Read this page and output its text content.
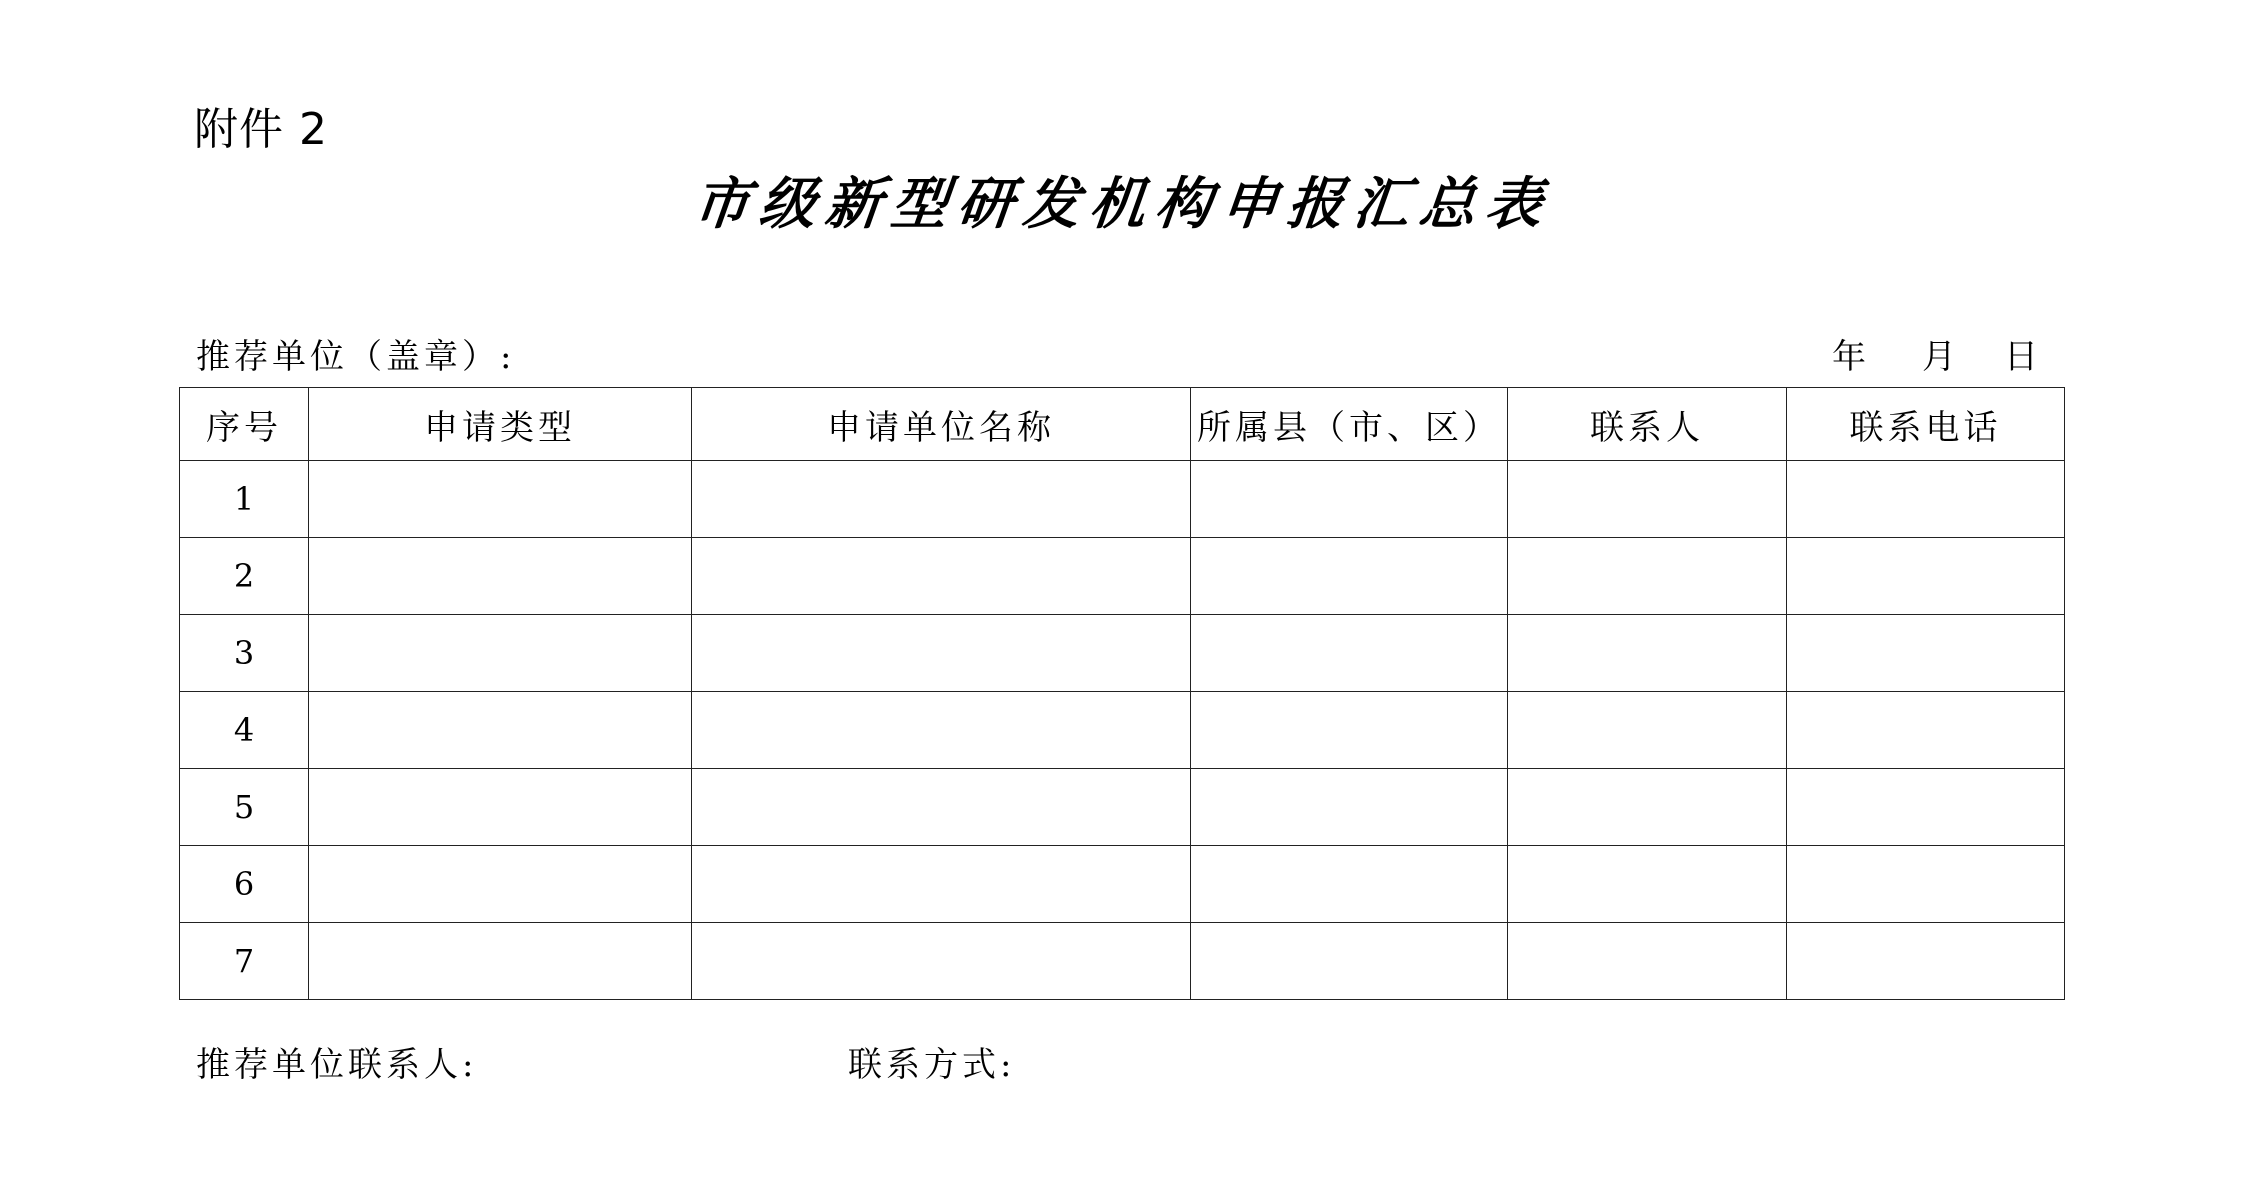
附件 2
市级新型研发机构申报汇总表
推荐单位（盖章）:	年	月	日
序号	申请类型	申请单位名称	所属县（市、区）	联系人	联系电话
1					
2					
3					
4					
5					
6					
7					
推荐单位联系人:	联系方式:
